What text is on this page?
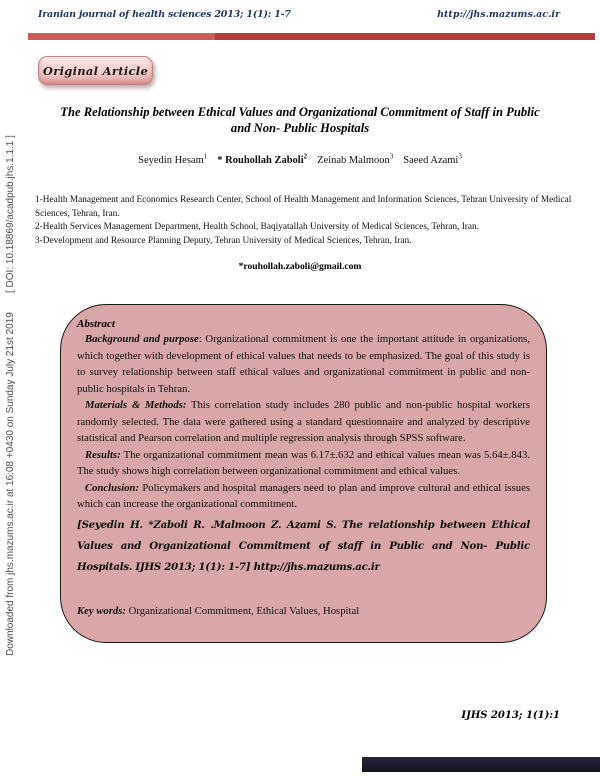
Iranian journal of health sciences 2013; 1(1): 1-7	http://jhs.mazums.ac.ir
Original Article
The Relationship between Ethical Values and Organizational Commitment of Staff in Public
and Non- Public Hospitals
Seyedin Hesam$^1$ * Rouhollah Zaboli$^2$ Zeinab Malmoon$^3$ Saeed Azami$^3$
1-Health Management and Economics Research Center, School of Health Management and Information Sciences, Tehran University of Medical Sciences, Tehran, Iran.
2-Health Services Management Department, Health School, Baqiyatallah University of Medical Sciences, Tehran, Iran.
3-Development and Resource Planning Deputy, Tehran University of Medical Sciences, Tehran, Iran.
*rouhollah.zaboli@gmail.com
Abstract

Background and purpose: Organizational commitment is one the important attitude in organizations, which together with development of ethical values that needs to be emphasized. The goal of this study is to survey relationship between staff ethical values and organizational commitment in public and non- public hospitals in Tehran.

Materials & Methods: This correlation study includes 280 public and non-public hospital workers randomly selected. The data were gathered using a standard questionnaire and analyzed by descriptive statistical and Pearson correlation and multiple regression analysis through SPSS software.

Results: The organizational commitment mean was 6.17±.632 and ethical values mean was 5.64±.843. The study shows high correlation between organizational commitment and ethical values.

Conclusion: Policymakers and hospital managers need to plan and improve cultural and ethical issues which can increase the organizational commitment.

[Seyedin H. *Zaboli R. .Malmoon Z. Azami S. The relationship between Ethical Values and Organizational Commitment of staff in Public and Non- Public Hospitals. IJHS 2013; 1(1): 1-7] http://jhs.mazums.ac.ir

Key words: Organizational Commitment, Ethical Values, Hospital

IJHS 2013; 1(1):1
[ DOI: 10.18869/acadpub.jhs.1.1.1 ]
Downloaded from jhs.mazums.ac.ir at 16:08 +0430 on Sunday July 21st 2019
